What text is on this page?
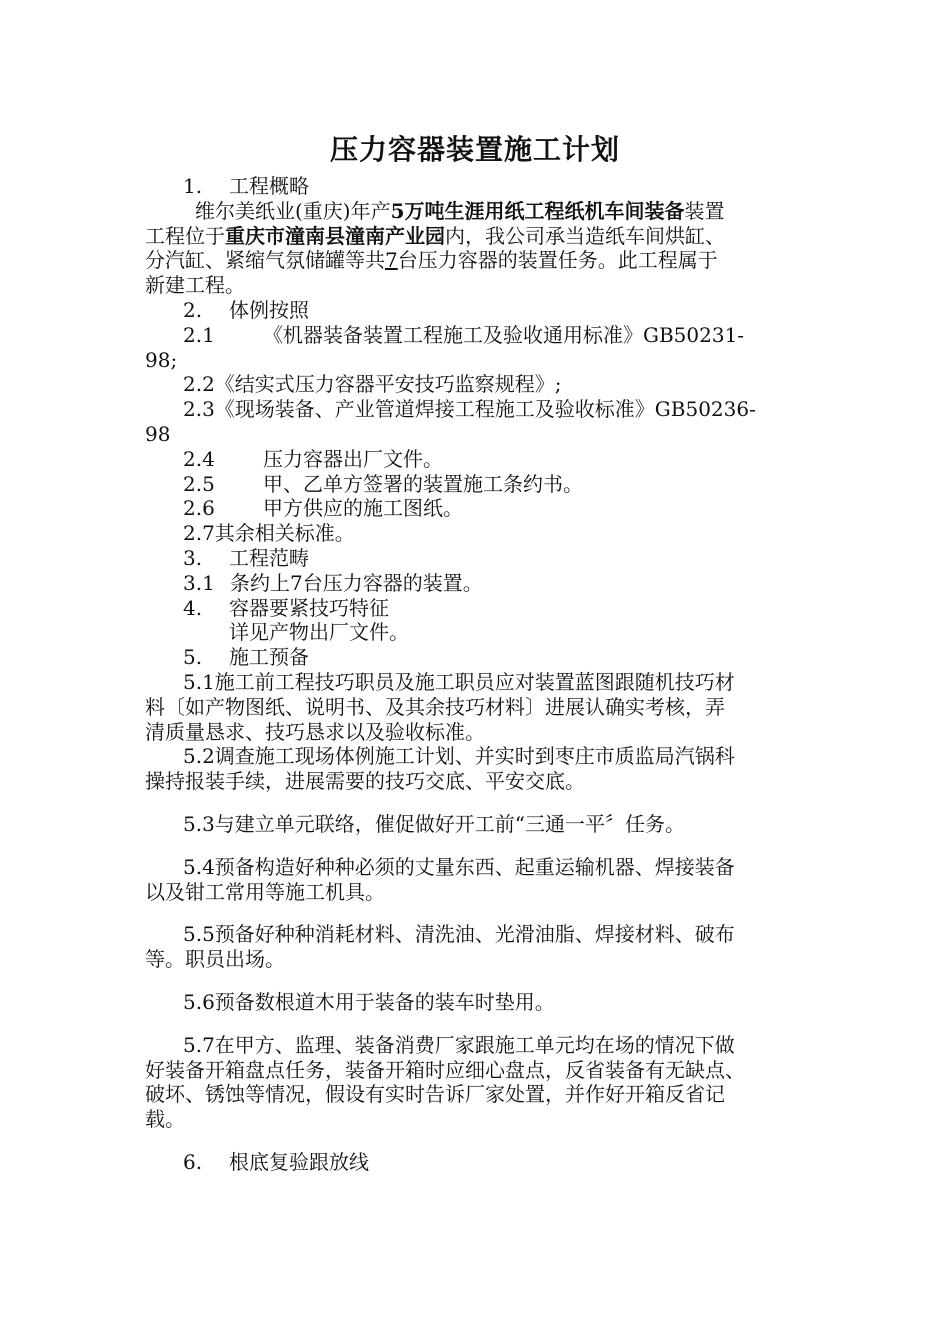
压力容器装置施工计划
1. 工程概略
维尔美纸业(重庆)年产5万吨生涯用纸工程纸机车间装备装置
工程位于重庆市潼南县潼南产业园内，我公司承当造纸车间烘缸、
分汽缸、紧缩气氛储罐等共7台压力容器的装置任务。此工程属于
新建工程。
2. 体例按照
2.1 《机器装备装置工程施工及验收通用标准》GB50231-
98;
2.2《结实式压力容器平安技巧监察规程》;
2.3《现场装备、产业管道焊接工程施工及验收标准》GB50236-
98
2.4 压力容器出厂文件。
2.5 甲、乙单方签署的装置施工条约书。
2.6 甲方供应的施工图纸。
2.7其余相关标准。
3. 工程范畴
3.1 条约上7台压力容器的装置。
4. 容器要紧技巧特征
详见产物出厂文件。
5. 施工预备
5.1施工前工程技巧职员及施工职员应对装置蓝图跟随机技巧材
料〔如产物图纸、说明书、及其余技巧材料〕进展认确实考核，弄
清质量恳求、技巧恳求以及验收标准。
5.2调查施工现场体例施工计划、并实时到枣庄市质监局汽锅科
操持报装手续，进展需要的技巧交底、平安交底。
5.3与建立单元联络，催促做好开工前“三通一平〞任务。
5.4预备构造好种种必须的丈量东西、起重运输机器、焊接装备
以及钳工常用等施工机具。
5.5预备好种种消耗材料、清洗油、光滑油脂、焊接材料、破布
等。职员出场。
5.6预备数根道木用于装备的装车时垫用。
5.7在甲方、监理、装备消费厂家跟施工单元均在场的情况下做
好装备开箱盘点任务，装备开箱时应细心盘点，反省装备有无缺点、
破坏、锈蚀等情况，假设有实时告诉厂家处置，并作好开箱反省记
载。
6. 根底复验跟放线
